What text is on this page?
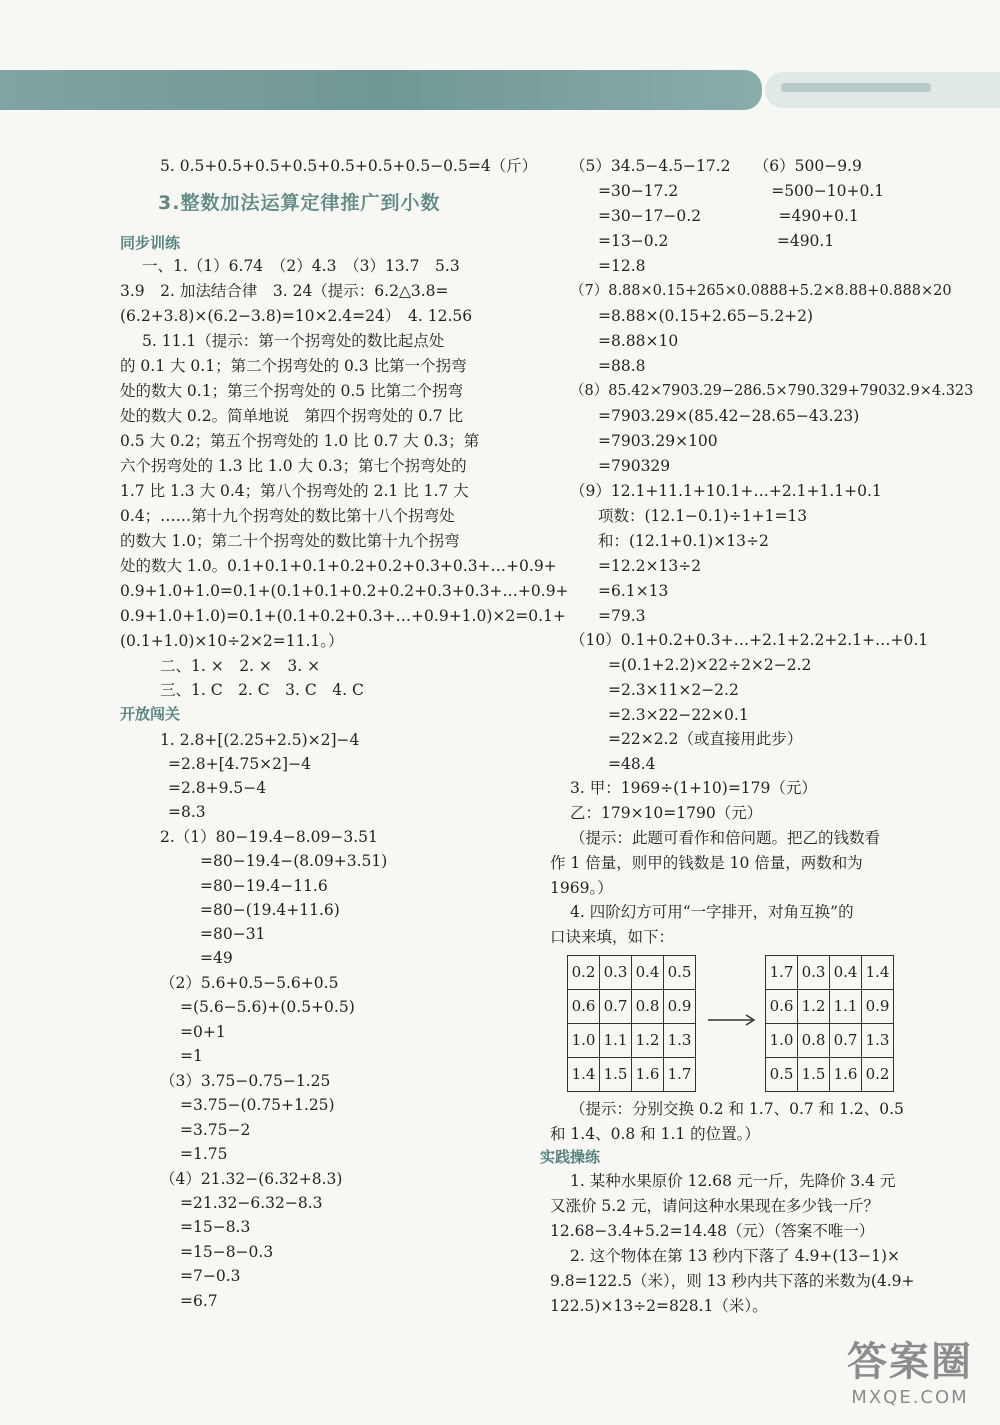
5. 0.5+0.5+0.5+0.5+0.5+0.5+0.5−0.5=4（斤）
3.整数加法运算定律推广到小数
同步训练
一、1.（1）6.74　（2）4.3　（3）13.7　5.3
3.9　2. 加法结合律　3. 24（提示：6.2△3.8=
(6.2+3.8)×(6.2−3.8)=10×2.4=24）　4. 12.56
5. 11.1（提示：第一个拐弯处的数比起点处
的 0.1 大 0.1；第二个拐弯处的 0.3 比第一个拐弯
处的数大 0.1；第三个拐弯处的 0.5 比第二个拐弯
处的数大 0.2。简单地说　第四个拐弯处的 0.7 比
0.5 大 0.2；第五个拐弯处的 1.0 比 0.7 大 0.3；第
六个拐弯处的 1.3 比 1.0 大 0.3；第七个拐弯处的
1.7 比 1.3 大 0.4；第八个拐弯处的 2.1 比 1.7 大
0.4；……第十九个拐弯处的数比第十八个拐弯处
的数大 1.0；第二十个拐弯处的数比第十九个拐弯
处的数大 1.0。0.1+0.1+0.1+0.2+0.2+0.3+0.3+…+0.9+
0.9+1.0+1.0=0.1+(0.1+0.1+0.2+0.2+0.3+0.3+…+0.9+
0.9+1.0+1.0)=0.1+(0.1+0.2+0.3+…+0.9+1.0)×2=0.1+
(0.1+1.0)×10÷2×2=11.1。）
二、1. ×　2. ×　3. ×
三、1. C　2. C　3. C　4. C
开放闯关
1. 2.8+[(2.25+2.5)×2]−4
=2.8+[4.75×2]−4
=2.8+9.5−4
=8.3
2.（1）80−19.4−8.09−3.51
=80−19.4−(8.09+3.51)
=80−19.4−11.6
=80−(19.4+11.6)
=80−31
=49
（2）5.6+0.5−5.6+0.5
=(5.6−5.6)+(0.5+0.5)
=0+1
=1
（3）3.75−0.75−1.25
=3.75−(0.75+1.25)
=3.75−2
=1.75
（4）21.32−(6.32+8.3)
=21.32−6.32−8.3
=15−8.3
=15−8−0.3
=7−0.3
=6.7
（5）34.5−4.5−17.2　　（6）500−9.9
=30−17.2　　　　　　=500−10+0.1
=30−17−0.2　　　　　=490+0.1
=13−0.2　　　　　　　=490.1
=12.8
（7）8.88×0.15+265×0.0888+5.2×8.88+0.888×20
=8.88×(0.15+2.65−5.2+2)
=8.88×10
=88.8
（8）85.42×7903.29−286.5×790.329+79032.9×4.323
=7903.29×(85.42−28.65−43.23)
=7903.29×100
=790329
（9）12.1+11.1+10.1+…+2.1+1.1+0.1
项数：(12.1−0.1)÷1+1=13
和：(12.1+0.1)×13÷2
=12.2×13÷2
=6.1×13
=79.3
（10）0.1+0.2+0.3+…+2.1+2.2+2.1+…+0.1
=(0.1+2.2)×22÷2×2−2.2
=2.3×11×2−2.2
=2.3×22−22×0.1
=22×2.2（或直接用此步）
=48.4
3. 甲：1969÷(1+10)=179（元）
乙：179×10=1790（元）
（提示：此题可看作和倍问题。把乙的钱数看
作 1 倍量，则甲的钱数是 10 倍量，两数和为
1969。）
4. 四阶幻方可用“一字排开，对角互换”的
口诀来填，如下：
（提示：分别交换 0.2 和 1.7、0.7 和 1.2、0.5
和 1.4、0.8 和 1.1 的位置。）
实践操练
1. 某种水果原价 12.68 元一斤，先降价 3.4 元
又涨价 5.2 元，请问这种水果现在多少钱一斤？
12.68−3.4+5.2=14.48（元）（答案不唯一）
2. 这个物体在第 13 秒内下落了 4.9+(13−1)×
9.8=122.5（米），则 13 秒内共下落的米数为(4.9+
122.5)×13÷2=828.1（米）。
0.2	0.3	0.4	0.5
0.6	0.7	0.8	0.9
1.0	1.1	1.2	1.3
1.4	1.5	1.6	1.7
1.7	0.3	0.4	1.4
0.6	1.2	1.1	0.9
1.0	0.8	0.7	1.3
0.5	1.5	1.6	0.2
答案圈
MXQE.COM
